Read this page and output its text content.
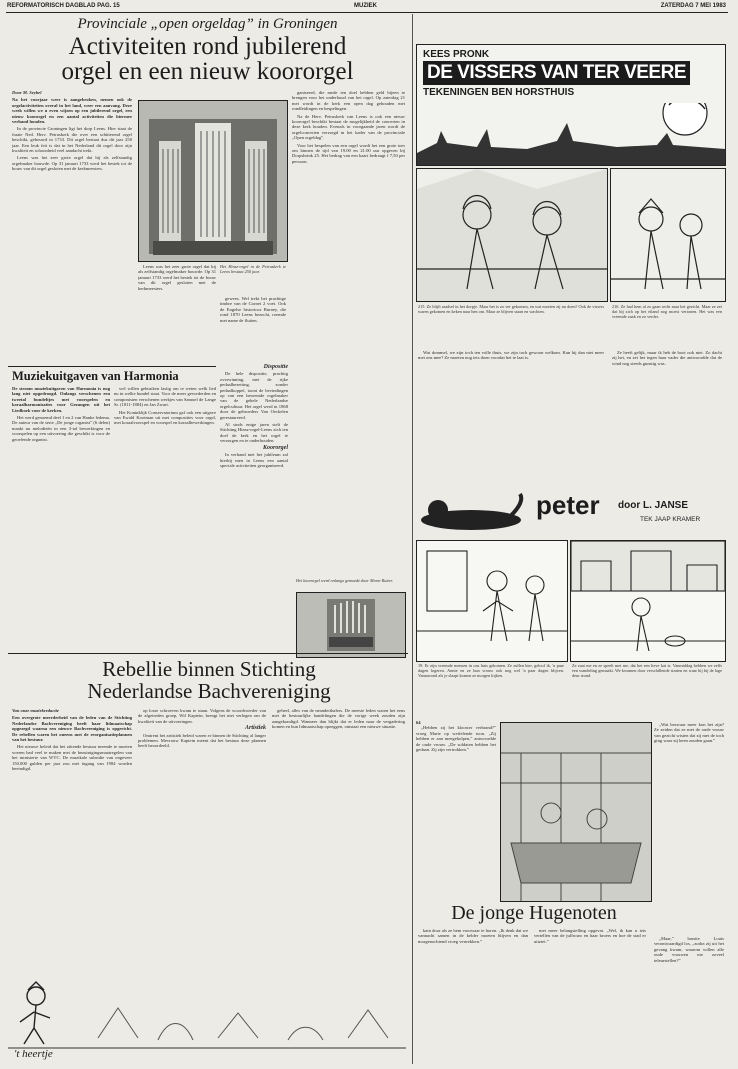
REFORMATORISCH DAGBLAD PAG. 15	MUZIEK	ZATERDAG 7 MEI 1983
Provinciale „open orgeldag” in Groningen
Activiteiten rond jubilerend
orgel en een nieuw koororgel
Door M. Seybel

Na het voorjaar weer is aangebroken, nemen ook de orgelactiviteiten overal in het land, weer een aanvang. Deze week willen we u even wijzen op een jubilerend orgel, een nieuw koororgel en een aantal activiteiten die hiermee verband houden.

In de provincie Groningen ligt het dorp Leens. Hier staat de fraaie Ned. Herv. Petruskerk die over een schitterend orgel beschikt, gebouwd in 1733. Dit orgel bestaat dus dit jaar 250 jaar. Een leuk feit is dat in het Nederland dit orgel door zijn kwaliteit en schoonheid veel aandacht trekt.

Leens was het zeer grote orgel dat hij als zelfstandig orgelmaker bouwde. Op 31 januari 1733 werd het bestek tot de bouw van dit orgel gesloten met de kerkmeesters.

Leens was het zeer grote orgel dat hij als zelfstandig orgelmaker bouwde. Op 31 januari 1733 werd het bestek tot de bouw van dit orgel gesloten met de kerkmeesters.

Het Hinsz-orgel in de Petruskerk te Leens bestaat 250 jaar.

gewees. Wel trekt het prachtige timbre van de Cornet 2 voet. Ook de Engelse historicus Burney, die rond 1870 Leens bezocht, roemde met name de fluiten.

ganiseerd, die mede ten doel hebben geld bijeen te brengen voor het onderhoud van het orgel. Op zaterdag 21 mei wordt in de kerk een open dag gehouden met rondleidingen en bespelingen.

Na de Herv. Petruskerk van Leens is ook een nieuw koororgel beschikt bestaat de mogelijkheid de concerten in deze kerk houden. Evenals in voorgaande jaren wordt de orgelconcerten verzorgd in het kader van de provinciale „Open orgeldag”.

Voor het bespelen van een orgel wordt het een grote toer om binnen de tijd van 19.00 en 21.00 uur opgeven bij Dorpsbrink 25. Het bedrag van een kaart bedraagt f 7,50 per persoon.

Dispositie

De hele dispositie, prachtig overwinning, met de rijke pedaalbezetting, zonder pedaalkoppel, toont de bevindingen op van een beroemde orgelmaker van de gehele Nederlandse orgelcultuur. Het orgel werd in 1868 door de gebroeders Van Oeckelen gerestaureerd.

Al sinds enige jaren stelt de Stichting Hinsz-orgel-Leens zich ten doel de kerk en het orgel te verzorgen en te onderhouden.

Koororgel

In verband met het jubileum zal hierbij men in Leens een aantal speciale activiteiten georganiseerd.

Het koororgel werd onlangs gemaakt door Meme Ruiter.
Muziekuitgaven van Harmonia

De stroom muziekuitgaven van Harmonia is nog lang niet opgedroogd. Onlangs verschenen een tweetal bundeltjes met voorspelen en koraalharmonisaties voor Gezangen uit het Liedboek voor de kerken.

Het werd genoemd deel 1 en 2 van Hanke ledema. De auteur van de serie „De jonge organist” (6 delen) maakt nu melodieën in een 3-tal bewerkingen en voorspelen op een uitvoering die geschikt is voor de geoefende organist.

wel willen gebruiken lastig om te weten welk lied nu in welke bundel staat. Voor de meer gevorderden en componisten verschenen werkjes van Samuel de Lange Sr. (1811-1884) en Jan Zwart.

Het Koninklijk Conservatorium gaf ook een uitgave van Ewald Kooiman uit met composities voor orgel, met koraalvoorspel en voorspel en koraalbewerkingen.

Rebellie binnen Stichting
Nederlandse Bachvereniging
Van onze muziekredactie

Een overgrote meerderheid van de leden van de Stichting Nederlandse Bachvereniging heeft haar lidmaatschap opgezegd waarna een nieuwe Bachvereniging is opgericht. De rebellen waren het oneens met de reorganisatieplannen van het bestuur.

Het nieuwe beleid dat het zittende bestuur meende te moeten voeren had veel te maken met de bezuinigingsmaatregelen van het ministerie van WVC. De muzikale subsidie van ongeveer 150.000 gulden per jaar zou met ingang van 1984 worden beeindigd.

op losse schroeven kwam te staan. Volgens de woordvoerder van de afgetreden groep, Wil Kaptein, brengt het niet verlegen om de kwaliteit van de uitvoeringen.

Artistiek

Omtrent het artistiek beleid waren er binnen de Stichting al langer problemen. Mevrouw Kaptein meent dat het bestuur deze plannen heeft beoordeeld.

geheel, alles van de neanderthalers. De meeste leden waren het eens met de bestuurlijke handelingen die de vorige week zouden zijn aangekondigd. Wanneer dan blijkt dat er leden naar de vergadering komen en hun lidmaatschap opzeggen, ontstaat een nieuwe situatie.

't heertje
KEES PRONK
DE VISSERS VAN TER VEERE
TEKENINGEN BEN HORSTHUIS
215. Ze blijft raadsel in het dorpje. Maar het is zo ver gekomen, en wat moeten zij nu doen? Ook de vissers waren gekomen en keken naar hen om. Maar ze blijven staan en wachten.
216. Ze had hem al zo gaan recht naar het gezicht. Maar ze zei dat hij zich op het eiland nog moest vertonen. Het was een vreemde zaak en zo verder.

Wat dommel, we zijn toch ten volle thuis, we zijn toch gewoon welkom. Kan hij dan niet meer met ons mee? Ze moeten nog iets doen voordat het te laat is.

Ze heeft gelijk, maar ik heb de boot ook niet. Zo dacht zij het, en zei het tegen haar vader die antwoordde dat de wind nog steeds gunstig was.

peter door L. JANSE
TEK JAAP KRAMER
19. Er zijn vreemde mensen in ons huis gekomen. Ze zullen hier, geloof ik, 'n paar dagen logeren. Annie en ze hun vrouw ook nog wel 'n paar dagen blijven. Vannavond als je slaapt komen ze morgen kijken.
Ze zaat me en ze speelt met me, dat het een lieve kat is. Vanmiddag hebben we zelfs een wandeling gemaakt. We kwamen door verschillende straten en waar hij bij de lage deur stond.
64

„Hebben zij het klooster verbrand?” vroeg Marie op weifelende toon. „Zij hebben er aan meegeholpen,” antwoordde de oude vrouw. „De soldaten hebben het gedaan. Zij zijn vertrokken.”

De jonge Hugenoten

katn door als ze hem voorwaar te horen. „Ik denk dat we vannacht samen in de kelder moeten blijven en dan morgenochtend vroeg vertrekken.”

met meer belangstelling opgevat. „Wel, ik kan u iets vertellen van de juffrouw en haar broers en hoe de stad er uitziet.”

„Wat bezwaar meer kon het zijn? Ze zeiden dat ze met de oude vrouw van gezicht wisten dat zij met de toch ging waar zij heen zouden gaan.”

„Maar,” barstte Louis verontwaardigd los, „zodra zij uit het gevang kwam, waarom willen alle oude vrouwen me zoveel teleurstellen?”
